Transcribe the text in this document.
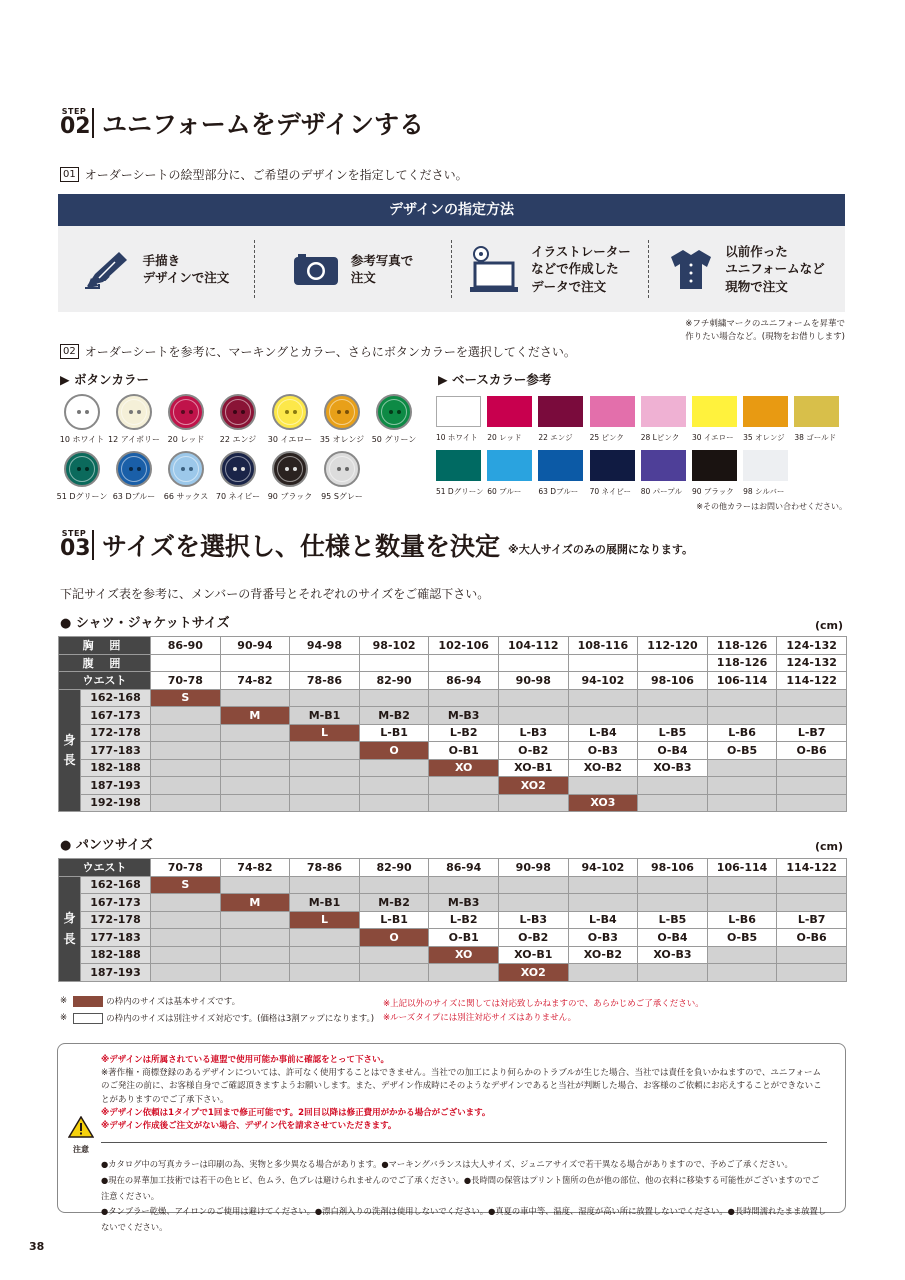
STEP
02 ユニフォームをデザインする
01 オーダーシートの絵型部分に、ご希望のデザインを指定してください。
デザインの指定方法
手描き
デザインで注文
参考写真で
注文
イラストレーター
などで作成した
データで注文
以前作った
ユニフォームなど
現物で注文
※フチ刺繍マークのユニフォームを昇華で
作りたい場合など。(現物をお借りします)
02 オーダーシートを参考に、マーキングとカラー、さらにボタンカラーを選択してください。
▶ ボタンカラー
10 ホワイト 12 アイボリー 20 レッド	22 エンジ	30 イエロー 35 オレンジ 50 グリーン
51 Dグリーン 63 Dブルー	66 サックス 70 ネイビー 90 ブラック	95 Sグレー
▶ ベースカラー参考
10 ホワイト	20 レッド	22 エンジ	25 ピンク	28 Lピンク	30 イエロー	35 オレンジ	38 ゴールド
51 Dグリーン 60 ブルー	63 Dブルー	70 ネイビー	80 パープル	90 ブラック	98 シルバー
※その他カラーはお問い合わせください。
STEP
03 サイズを選択し、仕様と数量を決定 ※大人サイズのみの展開になります。
下記サイズ表を参考に、メンバーの背番号とそれぞれのサイズをご確認下さい。
● シャツ・ジャケットサイズ	(cm)
胸 囲		86-90	90-94	94-98	98-102	102-106	104-112	108-116	112-120	118-126	124-132
腹 囲										118-126	124-132
ウエスト		70-78	74-82	78-86	82-90	86-94	90-98	94-102	98-106	106-114	114-122
身
長	162-168	S									
	167-173		M	M-B1	M-B2	M-B3					
	172-178			L	L-B1	L-B2	L-B3	L-B4	L-B5	L-B6	L-B7
	177-183				O	O-B1	O-B2	O-B3	O-B4	O-B5	O-B6
	182-188					XO	XO-B1	XO-B2	XO-B3		
	187-193						XO2				
	192-198							XO3			
● パンツサイズ	(cm)
ウエスト		70-78	74-82	78-86	82-90	86-94	90-98	94-102	98-106	106-114	114-122
身
長	162-168	S									
	167-173		M	M-B1	M-B2	M-B3					
	172-178			L	L-B1	L-B2	L-B3	L-B4	L-B5	L-B6	L-B7
	177-183				O	O-B1	O-B2	O-B3	O-B4	O-B5	O-B6
	182-188					XO	XO-B1	XO-B2	XO-B3		
	187-193						XO2				
※	の枠内のサイズは基本サイズです。
※	の枠内のサイズは別注サイズ対応です。(価格は3割アップになります。)
※上記以外のサイズに関しては対応致しかねますので、あらかじめご了承ください。
※ルーズタイプには別注対応サイズはありません。
注意
※デザインは所属されている連盟で使用可能か事前に確認をとって下さい。
※著作権・商標登録のあるデザインについては、許可なく使用することはできません。当社での加工により何らかのトラブルが生じた場合、当社では責任を負いかねますので、ユニフォームのご発注の前に、お客様自身でご確認頂きますようお願いします。また、デザイン作成時にそのようなデザインであると当社が判断した場合、お客様のご依頼にお応えすることができないことがありますのでご了承下さい。
※デザイン依頼は1タイプで1回まで修正可能です。2回目以降は修正費用がかかる場合がございます。
※デザイン作成後ご注文がない場合、デザイン代を請求させていただきます。
●カタログ中の写真カラーは印刷の為、実物と多少異なる場合があります。●マーキングバランスは大人サイズ、ジュニアサイズで若干異なる場合がありますので、予めご了承ください。
●現在の昇華加工技術では若干の色ヒビ、色ムラ、色ブレは避けられませんのでご了承ください。●長時間の保管はプリント箇所の色が他の部位、他の衣料に移染する可能性がございますのでご注意ください。
●タンブラー乾燥、アイロンのご使用は避けてください。●漂白剤入りの洗剤は使用しないでください。●真夏の車中等、温度、湿度が高い所に放置しないでください。●長時間濡れたまま放置しないでください。
38
